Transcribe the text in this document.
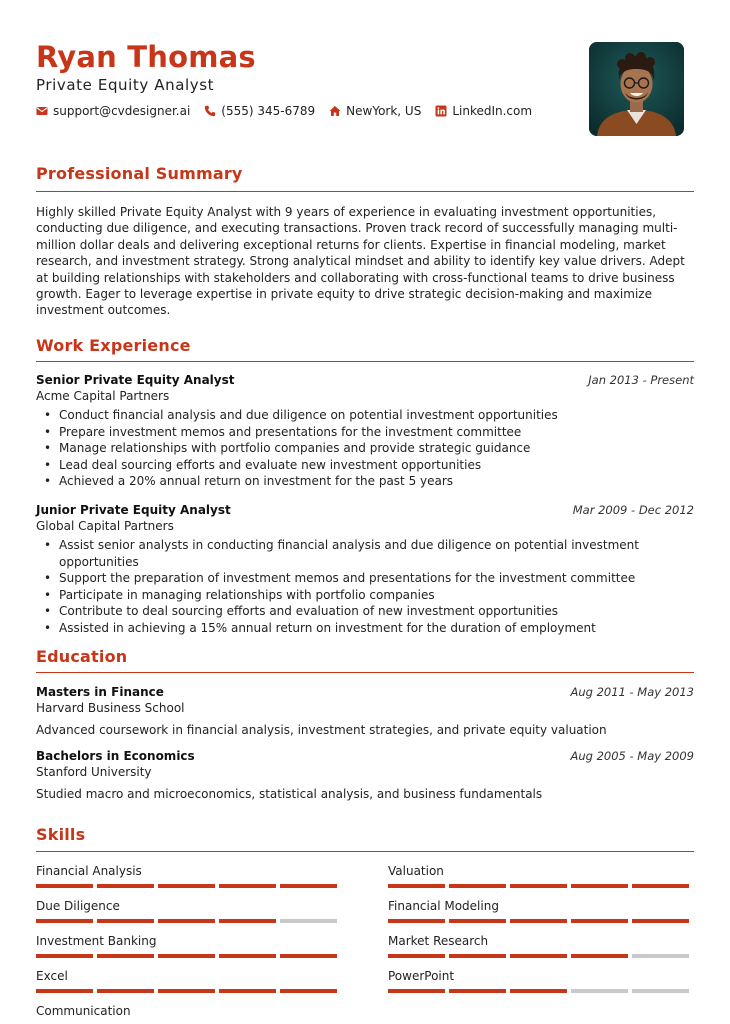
Ryan Thomas
Private Equity Analyst
support@cvdesigner.ai	(555) 345-6789	NewYork, US	LinkedIn.com
Professional Summary

Highly skilled Private Equity Analyst with 9 years of experience in evaluating investment opportunities, conducting due diligence, and executing transactions. Proven track record of successfully managing multi-million dollar deals and delivering exceptional returns for clients. Expertise in financial modeling, market research, and investment strategy. Strong analytical mindset and ability to identify key value drivers. Adept at building relationships with stakeholders and collaborating with cross-functional teams to drive business growth. Eager to leverage expertise in private equity to drive strategic decision-making and maximize investment outcomes.

Work Experience
Senior Private Equity Analyst	Jan 2013 - Present
Acme Capital Partners
• Conduct financial analysis and due diligence on potential investment opportunities
• Prepare investment memos and presentations for the investment committee
• Manage relationships with portfolio companies and provide strategic guidance
• Lead deal sourcing efforts and evaluate new investment opportunities
• Achieved a 20% annual return on investment for the past 5 years
Junior Private Equity Analyst	Mar 2009 - Dec 2012
Global Capital Partners
• Assist senior analysts in conducting financial analysis and due diligence on potential investment opportunities
• Support the preparation of investment memos and presentations for the investment committee
• Participate in managing relationships with portfolio companies
• Contribute to deal sourcing efforts and evaluation of new investment opportunities
• Assisted in achieving a 15% annual return on investment for the duration of employment
Education
Masters in Finance	Aug 2011 - May 2013
Harvard Business School
Advanced coursework in financial analysis, investment strategies, and private equity valuation
Bachelors in Economics	Aug 2005 - May 2009
Stanford University
Studied macro and microeconomics, statistical analysis, and business fundamentals
Skills
Financial Analysis	Valuation
Due Diligence	Financial Modeling
Investment Banking	Market Research
Excel	PowerPoint
Communication
